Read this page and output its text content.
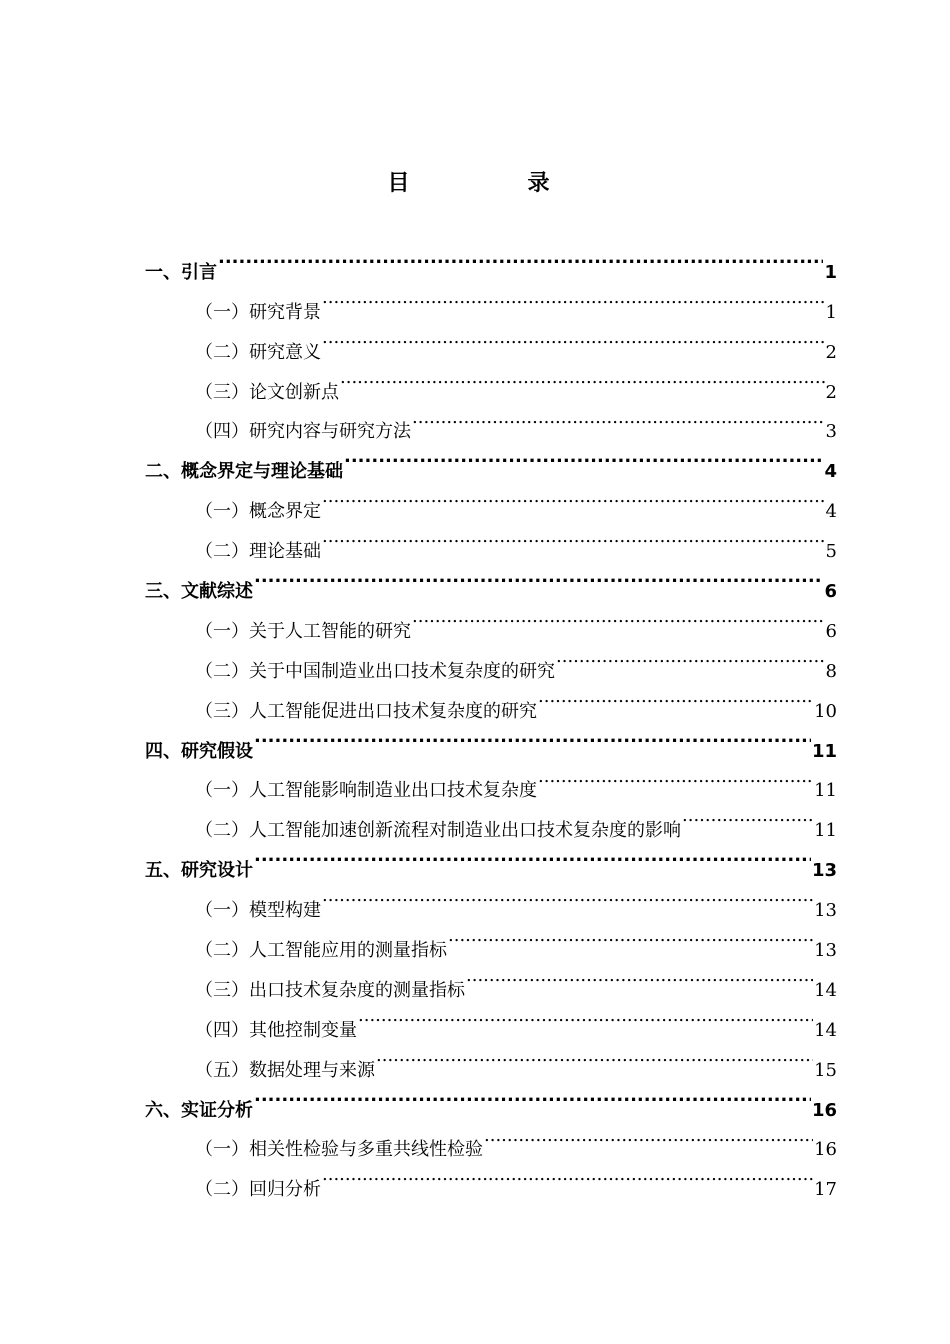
目　录
一、引言 .....	1
（一）研究背景 .....	1
（二）研究意义 .....	2
（三）论文创新点 .....	2
（四）研究内容与研究方法 .....	3
二、概念界定与理论基础 .....	4
（一）概念界定 .....	4
（二）理论基础 .....	5
三、文献综述 .....	6
（一）关于人工智能的研究 .....	6
（二）关于中国制造业出口技术复杂度的研究 .....	8
（三）人工智能促进出口技术复杂度的研究 .....	10
四、研究假设 .....	11
（一）人工智能影响制造业出口技术复杂度 .....	11
（二）人工智能加速创新流程对制造业出口技术复杂度的影响 .....	11
五、研究设计 .....	13
（一）模型构建 .....	13
（二）人工智能应用的测量指标 .....	13
（三）出口技术复杂度的测量指标 .....	14
（四）其他控制变量 .....	14
（五）数据处理与来源 .....	15
六、实证分析 .....	16
（一）相关性检验与多重共线性检验 .....	16
（二）回归分析 .....	17
